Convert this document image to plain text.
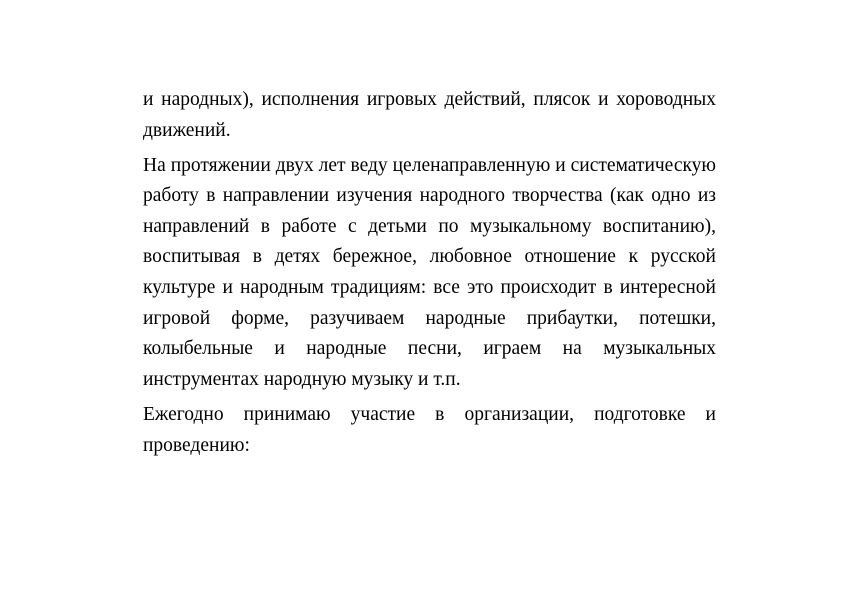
и народных), исполнения игровых действий, плясок и хороводных движений.

На протяжении двух лет веду целенаправленную и систематическую работу в направлении изучения народного творчества (как одно из направлений в работе с детьми по музыкальному воспитанию), воспитывая в детях бережное, любовное отношение к русской культуре и народным традициям: все это происходит в интересной игровой форме, разучиваем народные прибаутки, потешки, колыбельные и народные песни, играем на музыкальных инструментах народную музыку и т.п.

Ежегодно принимаю участие в организации, подготовке и проведению:
